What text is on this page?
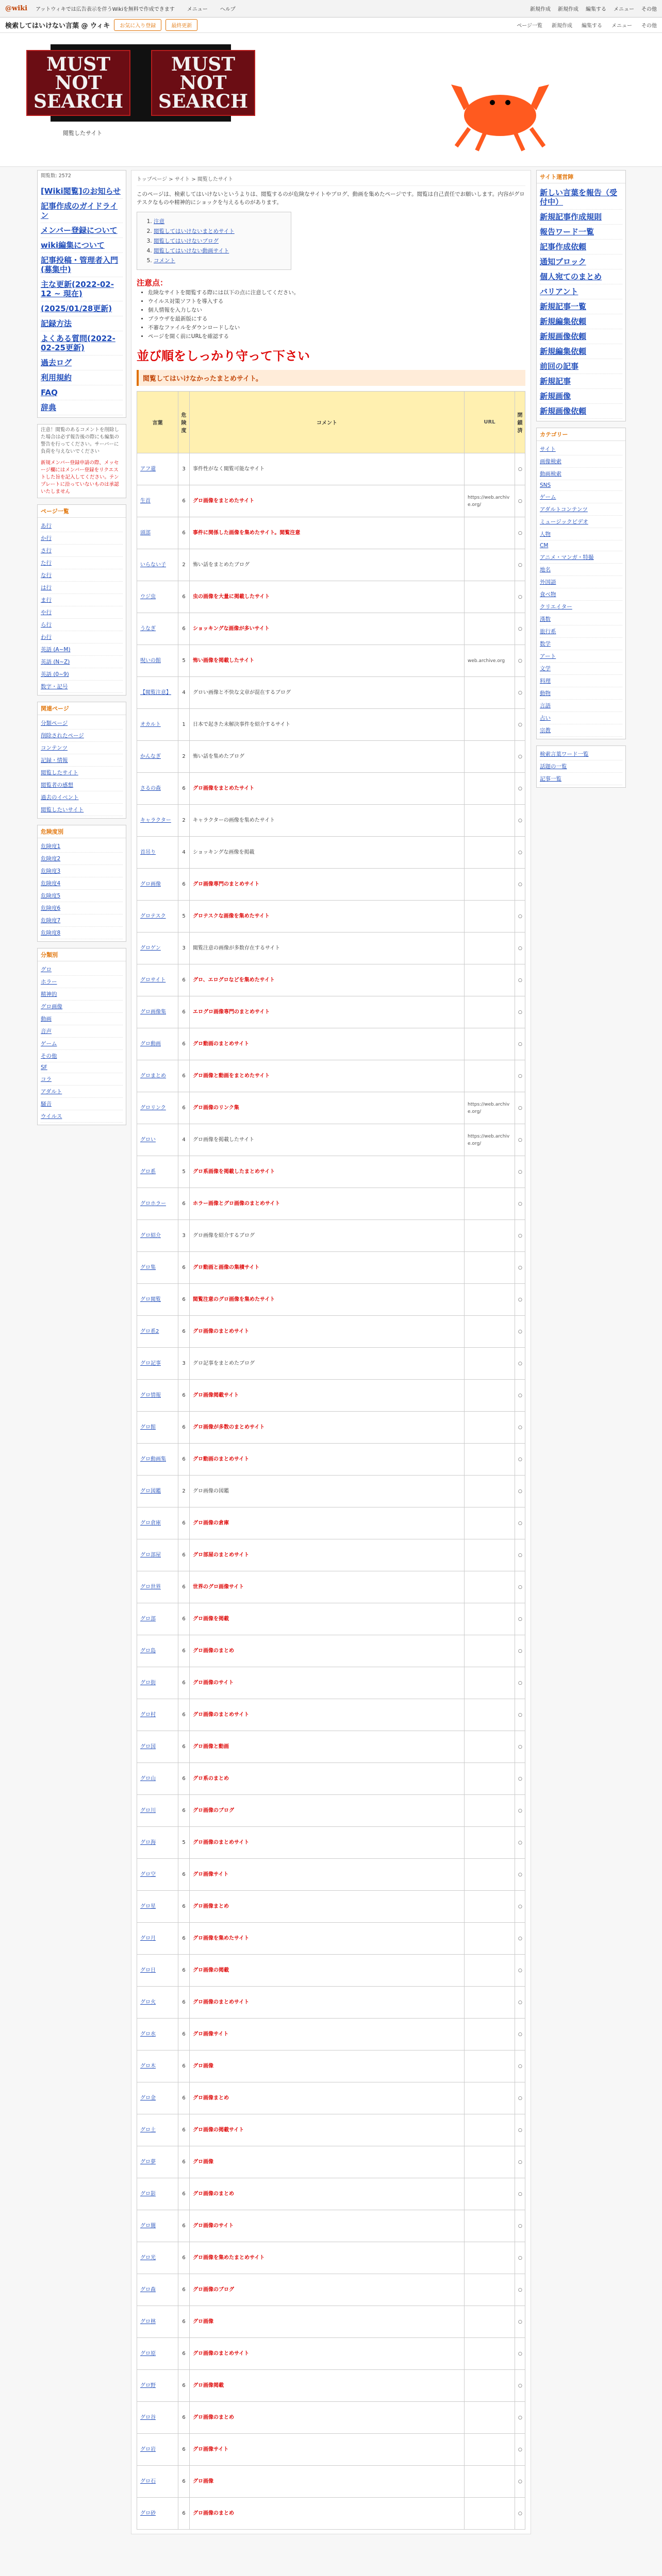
@wiki	アットウィキでは広告表示を伴うWikiを無料で作成できます	メニュー	ヘルプ	新規作成 新規作成 編集する メニュー その他
検索してはいけない言葉 @ ウィキ	お気に入り登録	最終更新	ページ一覧 新規作成 編集する メニュー その他
MUST NOT SEARCH
MUST NOT SEARCH
閲覧したサイト
閲覧数: 2572
[Wiki閲覧]のお知らせ
記事作成のガイドライン
メンバー登録について
wiki編集について
記事投稿・管理者入門(募集中)
主な更新(2022-02-12 ~ 現在)
(2025/01/28更新)
記録方法
よくある質問(2022-02-25更新)
過去ログ
利用規約
FAQ
辞典
注意！閲覧のあるコメントを削除した場合は必ず報告後の際にも編集の警告を行ってください。サーバーに負荷を与えないでください
新規メンバー登録申請の際、メッセージ欄にはメンバー登録をリクエストした旨を記入してください。テンプレートに沿っていないものは承認いたしません
ページ一覧
あ行
か行
さ行
た行
な行
は行
ま行
や行
ら行
わ行
英語 (A~M)
英語 (N~Z)
英語 (0~9)
数字・記号
関連ページ
分類ページ
削除されたページ
コンテンツ
記録・情報
閲覧したサイト
閲覧者の感想
過去のイベント
閲覧したいサイト
危険度別
危険度1
危険度2
危険度3
危険度4
危険度5
危険度6
危険度7
危険度8
分類別
グロ
ホラー
精神的
グロ画像
動画
音声
ゲーム
その他
SF
コラ
アダルト
騒音
ウイルス
トップページ > サイト > 閲覧したサイト
このページは、検索してはいけないというよりは、閲覧するのが危険なサイトやブログ、動画を集めたページです。閲覧は自己責任でお願いします。内容がグロテスクなものや精神的にショックを与えるものがあります。
1. 注意
2. 閲覧してはいけないまとめサイト
3. 閲覧してはいけないブログ
4. 閲覧してはいけない動画サイト
5. コメント
注意点：
• 危険なサイトを閲覧する際には以下の点に注意してください。
• ウイルス対策ソフトを導入する
• 個人情報を入力しない
• ブラウザを最新版にする
• 不審なファイルをダウンロードしない
• ページを開く前にURLを確認する
並び順をしっかり守って下さい
閲覧してはいけなかったまとめサイト。
言葉	危険度	コメント	URL	閉鎖済
アフ還	3	事件性がなく閲覧可能なサイト		○
生首	6	グロ画像をまとめたサイト	https://web.archive.org/	○
頭部	6	事件に関係した画像を集めたサイト。閲覧注意		○
いらない子	2	怖い話をまとめたブログ		○
ウジ虫	6	虫の画像を大量に掲載したサイト		○
うなぎ	6	ショッキングな画像が多いサイト		○
呪いの館	5	怖い画像を掲載したサイト	web.archive.org	○
【閲覧注意】	4	グロい画像と不快な文章が混在するブログ		○
オカルト	1	日本で起きた未解決事件を紹介するサイト		○
かんなぎ	2	怖い話を集めたブログ		○
さるの森	6	グロ画像をまとめたサイト		○
キャラクター	2	キャラクターの画像を集めたサイト		○
首吊り	4	ショッキングな画像を掲載		○
グロ画像	6	グロ画像専門のまとめサイト		○
グロテスク	5	グロテスクな画像を集めたサイト		○
グロゲン	3	閲覧注意の画像が多数存在するサイト		○
グロサイト	6	グロ、エログロなどを集めたサイト		○
グロ画像集	6	エログロ画像専門のまとめサイト		○
グロ動画	6	グロ動画のまとめサイト		○
グロまとめ	6	グロ画像と動画をまとめたサイト		○
グロリンク	6	グロ画像のリンク集	https://web.archive.org/	○
グロい	4	グロ画像を掲載したサイト	https://web.archive.org/	○
グロ系	5	グロ系画像を掲載したまとめサイト		○
グロホラー	6	ホラー画像とグロ画像のまとめサイト		○
グロ紹介	3	グロ画像を紹介するブログ		○
グロ集	6	グロ動画と画像の集積サイト		○
グロ閲覧	6	閲覧注意のグロ画像を集めたサイト		○
グロ系2	6	グロ画像のまとめサイト		○
グロ記事	3	グロ記事をまとめたブログ		○
グロ情報	6	グロ画像掲載サイト		○
グロ館	6	グロ画像が多数のまとめサイト		○
グロ動画集	6	グロ動画のまとめサイト		○
グロ図鑑	2	グロ画像の図鑑		○
グロ倉庫	6	グロ画像の倉庫		○
グロ部屋	6	グロ部屋のまとめサイト		○
グロ世界	6	世界のグロ画像サイト		○
グロ部	6	グロ画像を掲載		○
グロ島	6	グロ画像のまとめ		○
グロ街	6	グロ画像のサイト		○
グロ村	6	グロ画像のまとめサイト		○
グロ国	6	グロ画像と動画		○
グロ山	6	グロ系のまとめ		○
グロ川	6	グロ画像のブログ		○
グロ海	5	グロ画像のまとめサイト		○
グロ空	6	グロ画像サイト		○
グロ星	6	グロ画像まとめ		○
グロ月	6	グロ画像を集めたサイト		○
グロ日	6	グロ画像の掲載		○
グロ火	6	グロ画像のまとめサイト		○
グロ水	6	グロ画像サイト		○
グロ木	6	グロ画像		○
グロ金	6	グロ画像まとめ		○
グロ土	6	グロ画像の掲載サイト		○
グロ夢	6	グロ画像		○
グロ影	6	グロ画像のまとめ		○
グロ闇	6	グロ画像のサイト		○
グロ光	6	グロ画像を集めたまとめサイト		○
グロ森	6	グロ画像のブログ		○
グロ林	6	グロ画像		○
グロ原	6	グロ画像のまとめサイト		○
グロ野	6	グロ画像掲載		○
グロ谷	6	グロ画像のまとめ		○
グロ岩	6	グロ画像サイト		○
グロ石	6	グロ画像		○
グロ砂	6	グロ画像のまとめ		○
サイト運営陣
新しい言葉を報告（受付中）
新規記事作成規則
報告ワード一覧
記事作成依頼
通知ブロック
個人宛てのまとめ
バリアント
新規記事一覧
新規編集依頼
新規画像依頼
新規編集依頼
前回の記事
新規記事
新規画像
新規画像依頼
カテゴリー
サイト
画像検索
動画検索
SNS
ゲーム
アダルトコンテンツ
ミュージックビデオ
人物
CM
アニメ・マンガ・特撮
地名
外国語
食べ物
クリエイター
漢数
旅行系
数学
アート
文学
料理
動物
言語
占い
宗教
検索言葉ワード一覧
話題の一覧
記事一覧
